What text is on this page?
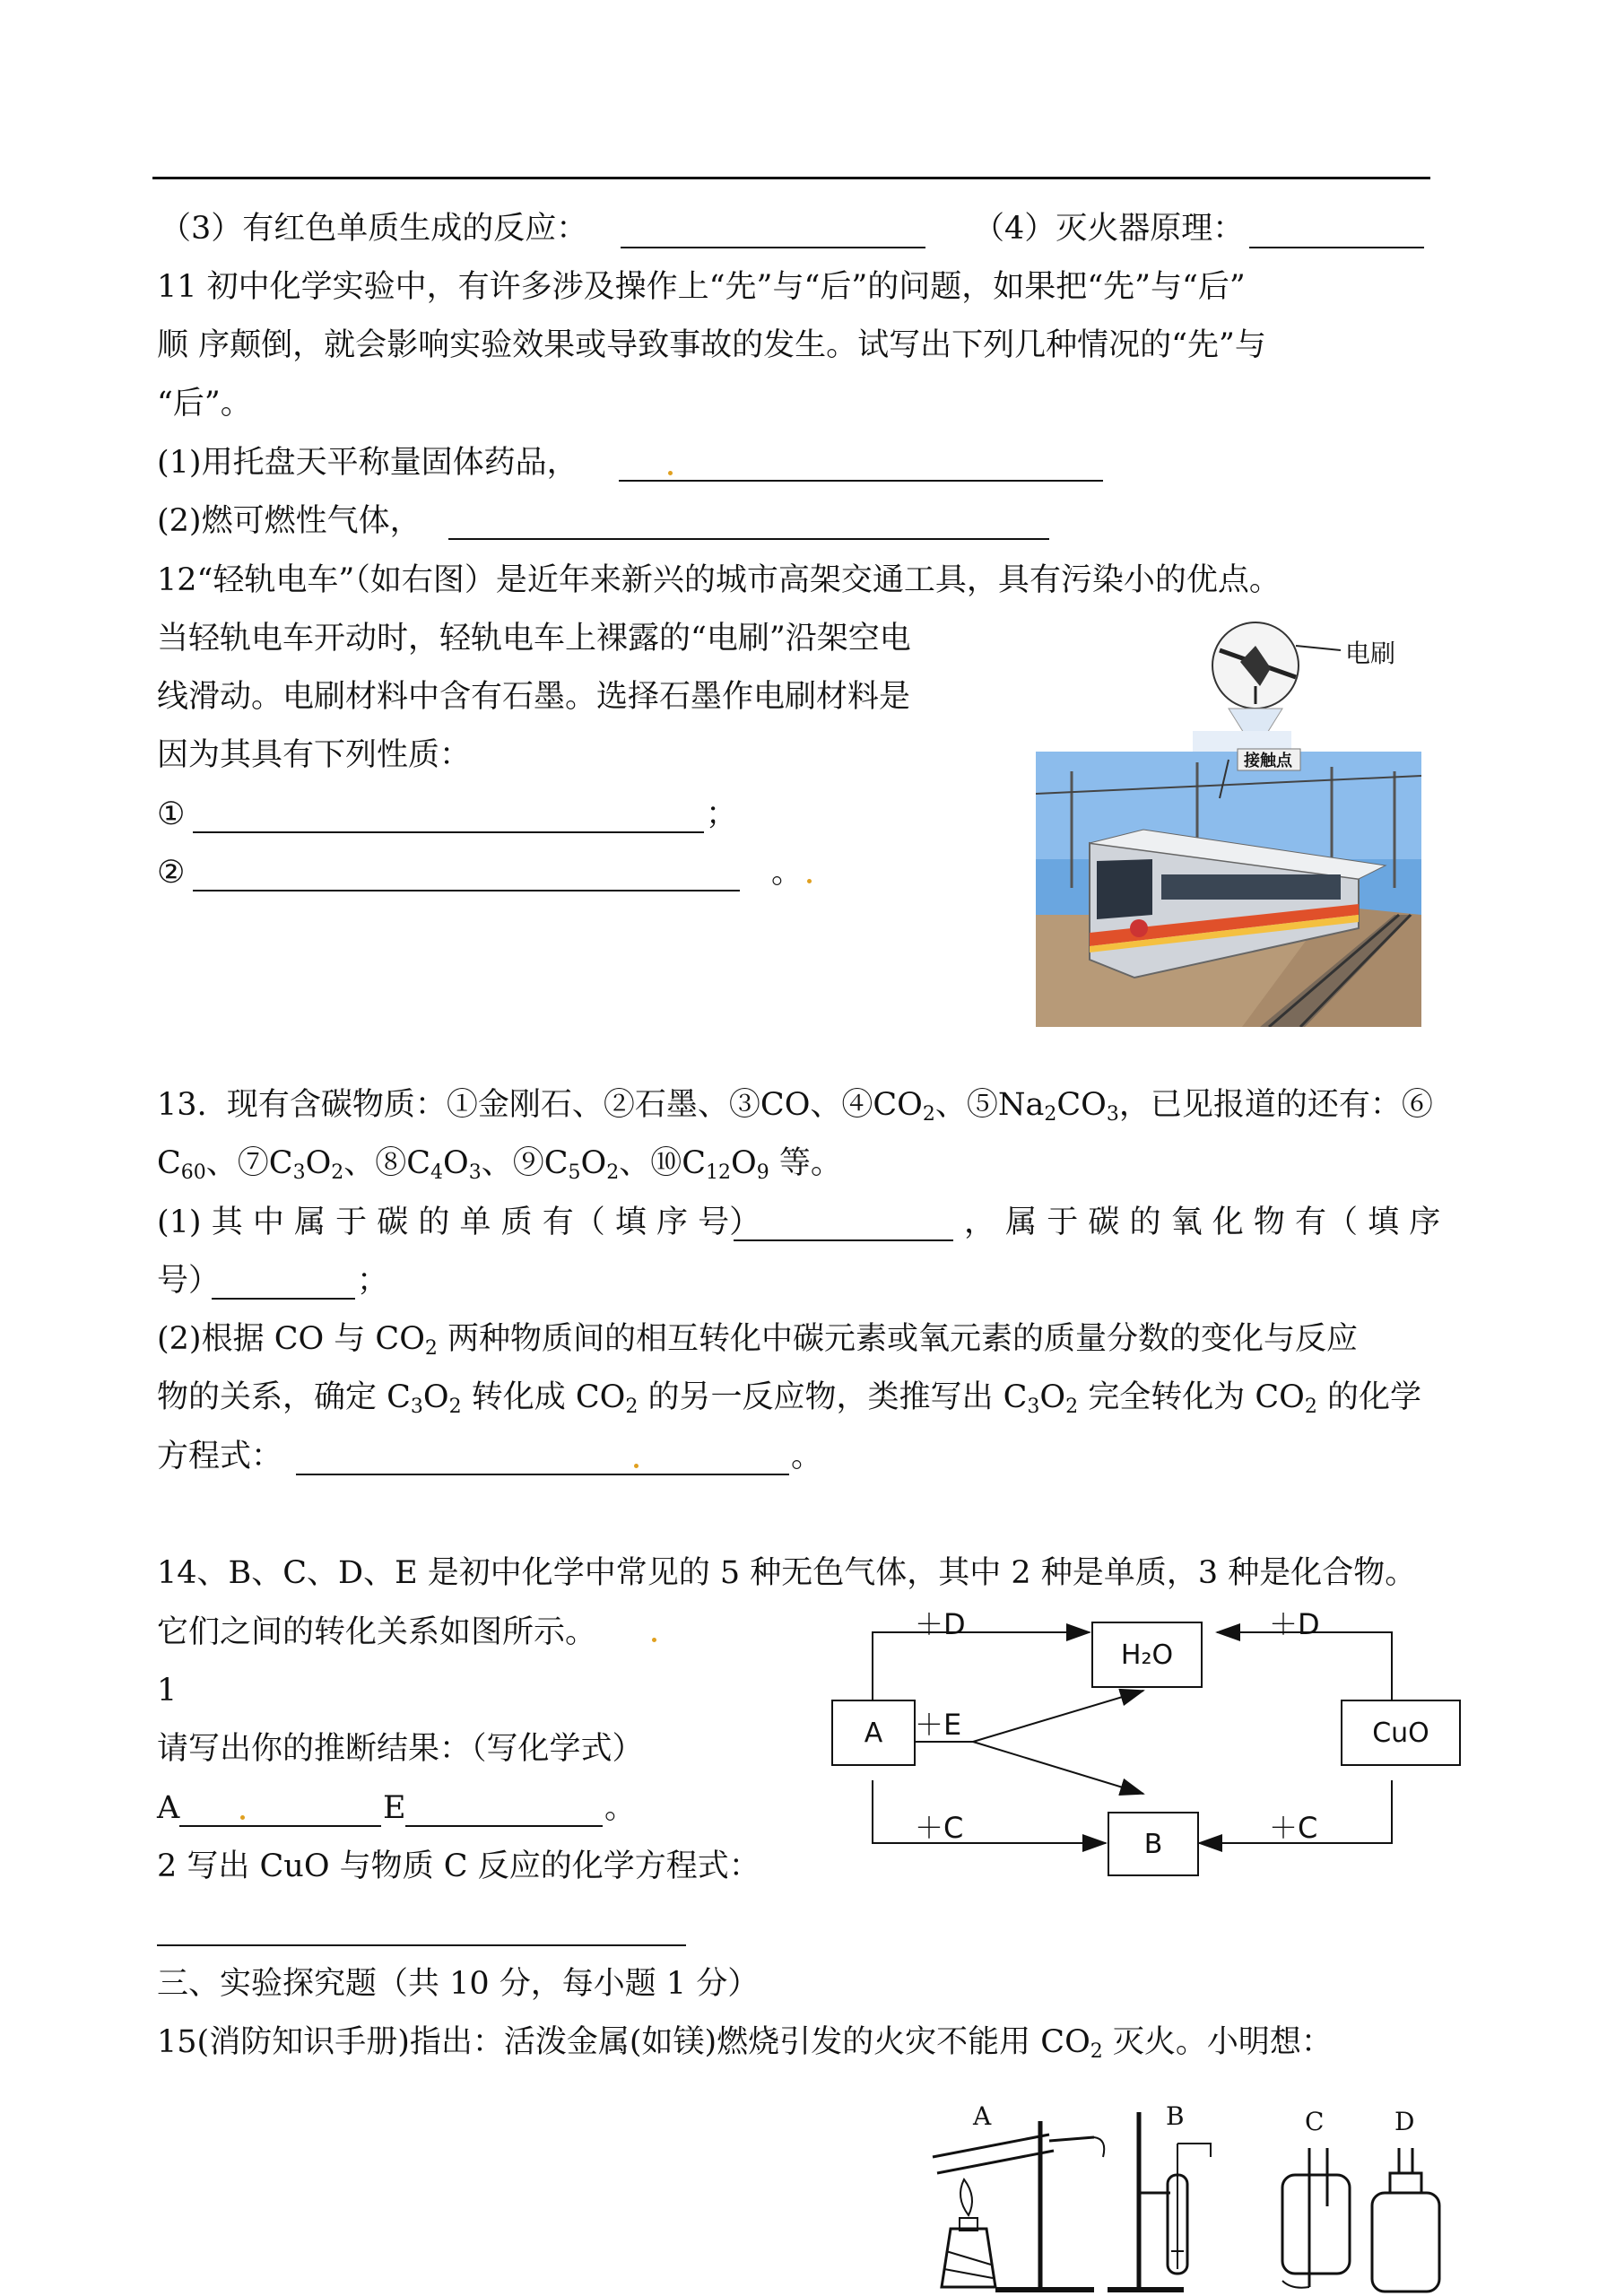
（3）有红色单质生成的反应：	（4）灭火器原理：
11 初中化学实验中，有许多涉及操作上“先”与“后”的问题，如果把“先”与“后”
顺 序颠倒，就会影响实验效果或导致事故的发生。试写出下列几种情况的“先”与
“后”。
(1)用托盘天平称量固体药品，
(2)燃可燃性气体，
12“轻轨电车”（如右图）是近年来新兴的城市高架交通工具，具有污染小的优点。
当轻轨电车开动时，轻轨电车上裸露的“电刷”沿架空电
线滑动。电刷材料中含有石墨。选择石墨作电刷材料是
因为其具有下列性质：
①	；
②	。
电刷
接触点
13.  现有含碳物质：①金刚石、②石墨、③CO、$④CO_2$、$⑤Na_2CO_3$，已见报道的还有：⑥
$C_{60}$、$⑦C_3O_2$、$⑧C_4O_3$、$⑨C_5O_2$、$⑩C_{12}O_9$ 等。
(1) 其 中 属 于 碳 的 单 质 有（ 填 序 号）	， 属 于 碳 的 氧 化 物 有（ 填 序
号）	；
(2)根据 CO 与 $CO_2$ 两种物质间的相互转化中碳元素或氧元素的质量分数的变化与反应
物的关系，确定 $C_3O_2$ 转化成 $CO_2$ 的另一反应物，类推写出 $C_3O_2$ 完全转化为 $CO_2$ 的化学
方程式：	。
14、B、C、D、E 是初中化学中常见的 5 种无色气体，其中 2 种是单质，3 种是化合物。
它们之间的转化关系如图所示。
1
请写出你的推断结果：（写化学式）
A	E	。
2 写出 CuO 与物质 C 反应的化学方程式：
A
H₂O
CuO
B
＋D	＋D
＋E
＋C	＋C
三、实验探究题（共 10 分，每小题 1 分）
15(消防知识手册)指出：活泼金属(如镁)燃烧引发的火灾不能用 $CO_2$ 灭火。小明想：
A	B	C	D
